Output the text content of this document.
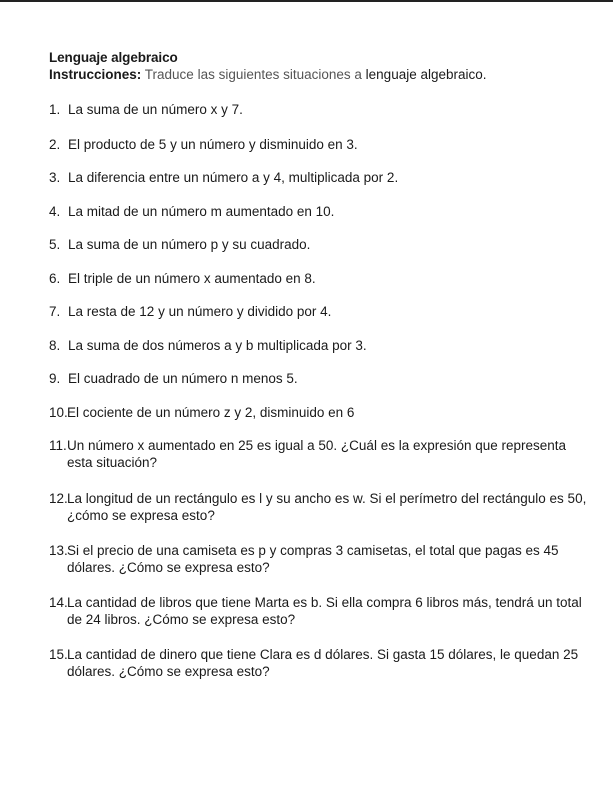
Lenguaje algebraico
Instrucciones: Traduce las siguientes situaciones a lenguaje algebraico.
1. La suma de un número x y 7.
2. El producto de 5 y un número y disminuido en 3.
3. La diferencia entre un número a y 4, multiplicada por 2.
4. La mitad de un número m aumentado en 10.
5. La suma de un número p y su cuadrado.
6. El triple de un número x aumentado en 8.
7. La resta de 12 y un número y dividido por 4.
8. La suma de dos números a y b multiplicada por 3.
9. El cuadrado de un número n menos 5.
10.El cociente de un número z y 2, disminuido en 6
11.Un número x aumentado en 25 es igual a 50. ¿Cuál es la expresión que representa
esta situación?
12.La longitud de un rectángulo es l y su ancho es w. Si el perímetro del rectángulo es 50,
¿cómo se expresa esto?
13.Si el precio de una camiseta es p y compras 3 camisetas, el total que pagas es 45
dólares. ¿Cómo se expresa esto?
14.La cantidad de libros que tiene Marta es b. Si ella compra 6 libros más, tendrá un total
de 24 libros. ¿Cómo se expresa esto?
15.La cantidad de dinero que tiene Clara es d dólares. Si gasta 15 dólares, le quedan 25
dólares. ¿Cómo se expresa esto?
